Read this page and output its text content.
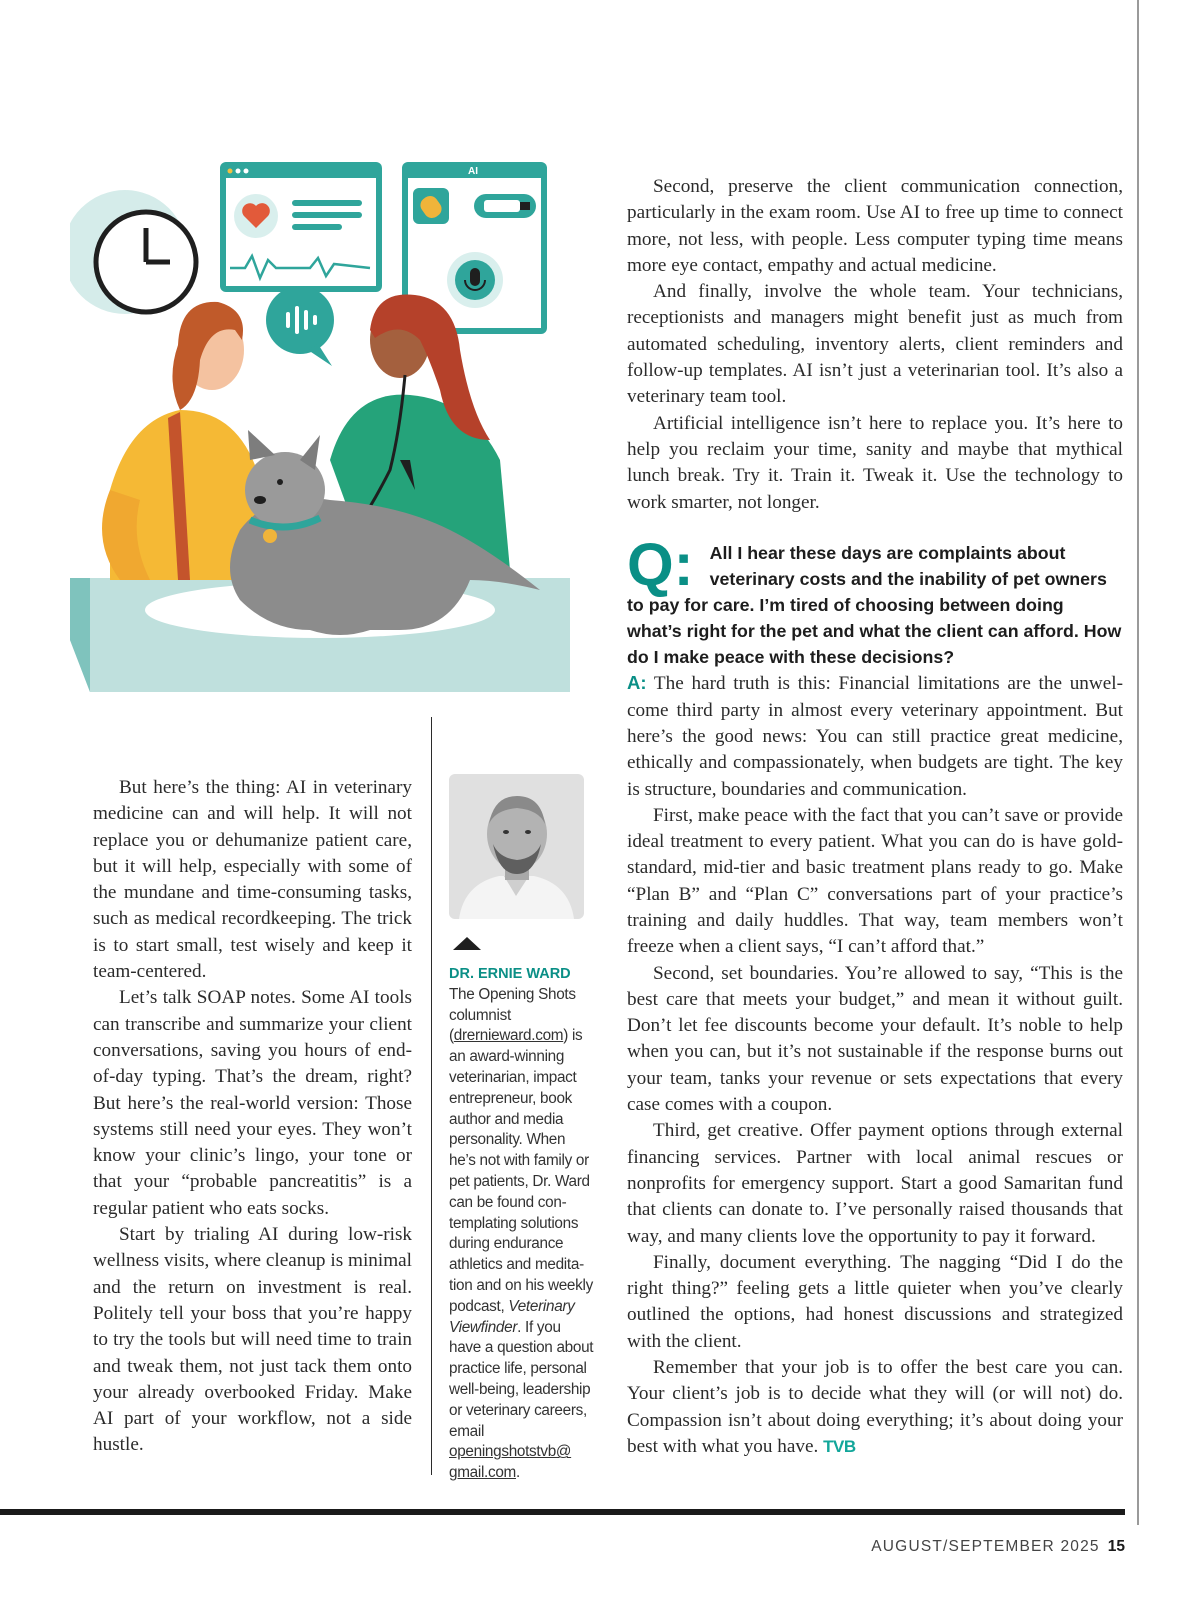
AI

But here’s the thing: AI in veterinary medicine can and will help. It will not replace you or dehumanize patient care, but it will help, especially with some of the mundane and time-consuming tasks, such as medical recordkeeping. The trick is to start small, test wisely and keep it team-centered.

Let’s talk SOAP notes. Some AI tools can transcribe and summarize your client conversations, saving you hours of end-of-day typing. That’s the dream, right? But here’s the real-world version: Those systems still need your eyes. They won’t know your clinic’s lingo, your tone or that your “probable pancreatitis” is a regular patient who eats socks.

Start by trialing AI during low-risk wellness visits, where cleanup is minimal and the return on investment is real. Politely tell your boss that you’re happy to try the tools but will need time to train and tweak them, not just tack them onto your already overbooked Friday. Make AI part of your workflow, not a side hustle.

DR. ERNIE WARD
The Opening Shots columnist (drernieward.com) is an award-winning veterinarian, impact entrepreneur, book author and media personality. When he’s not with family or pet patients, Dr. Ward can be found contemplating solutions during endurance athletics and meditation and on his weekly podcast, Veterinary Viewfinder. If you have a question about practice life, personal well-being, leadership or veterinary careers, email openingshotstvb@ gmail.com.

Second, preserve the client communication connection, particularly in the exam room. Use AI to free up time to connect more, not less, with people. Less computer typing time means more eye contact, empathy and actual medicine.

And finally, involve the whole team. Your technicians, receptionists and managers might benefit just as much from automated scheduling, inventory alerts, client reminders and follow-up templates. AI isn’t just a veterinarian tool. It’s also a veterinary team tool.

Artificial intelligence isn’t here to replace you. It’s here to help you reclaim your time, sanity and maybe that mythical lunch break. Try it. Train it. Tweak it. Use the technology to work smarter, not longer.

Q: All I hear these days are complaints about veterinary costs and the inability of pet owners to pay for care. I’m tired of choosing between doing what’s right for the pet and what the client can afford. How do I make peace with these decisions?

A: The hard truth is this: Financial limitations are the unwelcome third party in almost every veterinary appointment. But here’s the good news: You can still practice great medicine, ethically and compassionately, when budgets are tight. The key is structure, boundaries and communication.

First, make peace with the fact that you can’t save or provide ideal treatment to every patient. What you can do is have gold-standard, mid-tier and basic treatment plans ready to go. Make “Plan B” and “Plan C” conversations part of your practice’s training and daily huddles. That way, team members won’t freeze when a client says, “I can’t afford that.”

Second, set boundaries. You’re allowed to say, “This is the best care that meets your budget,” and mean it without guilt. Don’t let fee discounts become your default. It’s noble to help when you can, but it’s not sustainable if the response burns out your team, tanks your revenue or sets expectations that every case comes with a coupon.

Third, get creative. Offer payment options through external financing services. Partner with local animal rescues or nonprofits for emergency support. Start a good Samaritan fund that clients can donate to. I’ve personally raised thousands that way, and many clients love the opportunity to pay it forward.

Finally, document everything. The nagging “Did I do the right thing?” feeling gets a little quieter when you’ve clearly outlined the options, had honest discussions and strategized with the client.

Remember that your job is to offer the best care you can. Your client’s job is to decide what they will (or will not) do. Compassion isn’t about doing everything; it’s about doing your best with what you have. TVB

AUGUST/SEPTEMBER 2025 15
